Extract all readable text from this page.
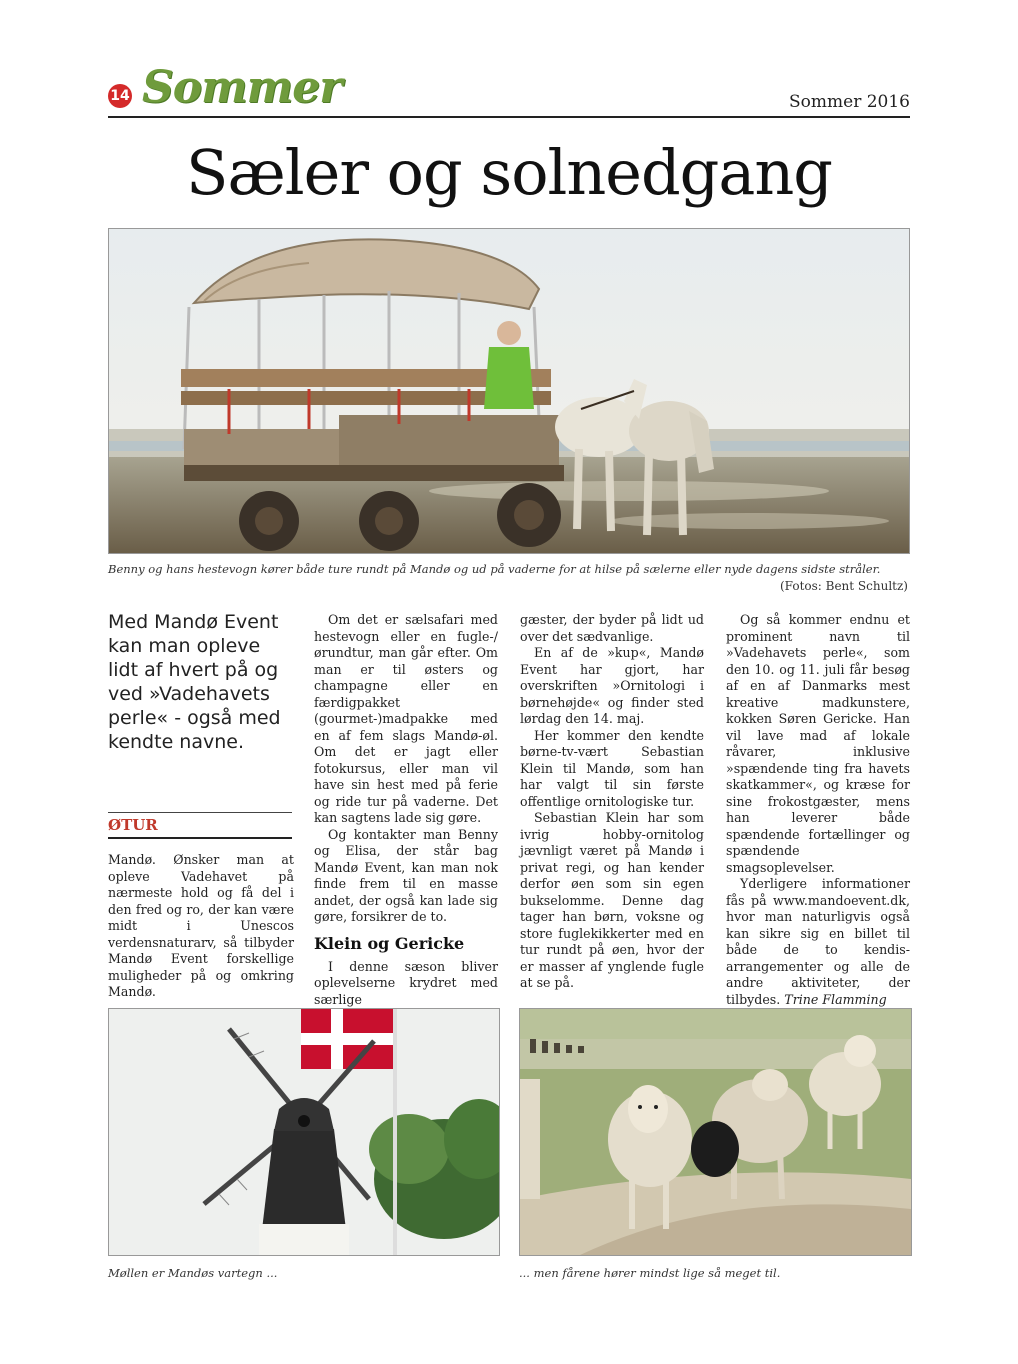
14 Sommer	Sommer 2016
Sæler og solnedgang
Benny og hans hestevogn kører både ture rundt på Mandø og ud på vaderne for at hilse på sælerne eller nyde dagens sidste stråler.
(Fotos: Bent Schultz)
Med Mandø Event kan man opleve lidt af hvert på og ved »Vadehavets perle« - også med kendte navne.
ØTUR

Mandø. Ønsker man at opleve Vadehavet på nærmeste hold og få del i den fred og ro, der kan være midt i Unescos verdensnaturarv, så tilbyder Mandø Event forskellige muligheder på og omkring Mandø.

Om det er sælsafari med hestevogn eller en fugle-/ørundtur, man går efter. Om man er til østers og champagne eller en færdigpakket (gourmet-)madpakke med en af fem slags Mandø-øl. Om det er jagt eller fotokursus, eller man vil have sin hest med på ferie og ride tur på vaderne. Det kan sagtens lade sig gøre.

Og kontakter man Benny og Elisa, der står bag Mandø Event, kan man nok finde frem til en masse andet, der også kan lade sig gøre, forsikrer de to.

Klein og Gericke

I denne sæson bliver oplevelserne krydret med særlige

gæster, der byder på lidt ud over det sædvanlige.

En af de »kup«, Mandø Event har gjort, har overskriften »Ornitologi i børnehøjde« og finder sted lørdag den 14. maj.

Her kommer den kendte børne-tv-vært Sebastian Klein til Mandø, som han har valgt til sin første offentlige ornitologiske tur.

Sebastian Klein har som ivrig hobby-ornitolog jævnligt været på Mandø i privat regi, og han kender derfor øen som sin egen bukselomme. Denne dag tager han børn, voksne og store fuglekikkerter med en tur rundt på øen, hvor der er masser af ynglende fugle at se på.

Og så kommer endnu et prominent navn til »Vadehavets perle«, som den 10. og 11. juli får besøg af en af Danmarks mest kreative madkunstere, kokken Søren Gericke. Han vil lave mad af lokale råvarer, inklusive »spændende ting fra havets skatkammer«, og kræse for sine frokostgæster, mens han leverer både spændende fortællinger og spændende smagsoplevelser.

Yderligere informationer fås på www.mandoevent.dk, hvor man naturligvis også kan sikre sig en billet til både de to kendis-arrangementer og alle de andre aktiviteter, der tilbydes. Trine Flamming

Møllen er Mandøs vartegn ...	... men fårene hører mindst lige så meget til.
